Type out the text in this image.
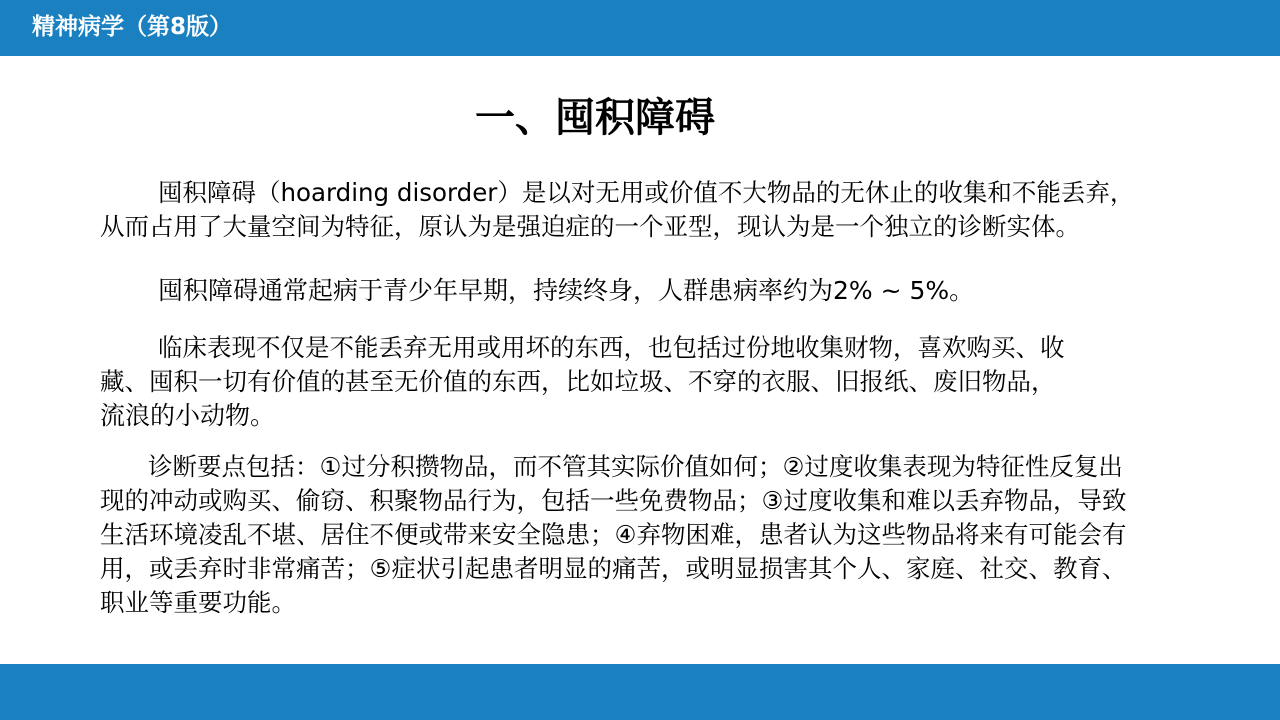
精神病学（第8版）
一、囤积障碍
囤积障碍（hoarding disorder）是以对无用或价值不大物品的无休止的收集和不能丢弃，
从而占用了大量空间为特征，原认为是强迫症的一个亚型，现认为是一个独立的诊断实体。
囤积障碍通常起病于青少年早期，持续终身，人群患病率约为2% ~ 5%。
临床表现不仅是不能丢弃无用或用坏的东西，也包括过份地收集财物，喜欢购买、收
藏、囤积一切有价值的甚至无价值的东西，比如垃圾、不穿的衣服、旧报纸、废旧物品，
流浪的小动物。
诊断要点包括：①过分积攒物品，而不管其实际价值如何；②过度收集表现为特征性反复出
现的冲动或购买、偷窃、积聚物品行为，包括一些免费物品；③过度收集和难以丢弃物品，导致
生活环境凌乱不堪、居住不便或带来安全隐患；④弃物困难，患者认为这些物品将来有可能会有
用，或丢弃时非常痛苦；⑤症状引起患者明显的痛苦，或明显损害其个人、家庭、社交、教育、
职业等重要功能。
